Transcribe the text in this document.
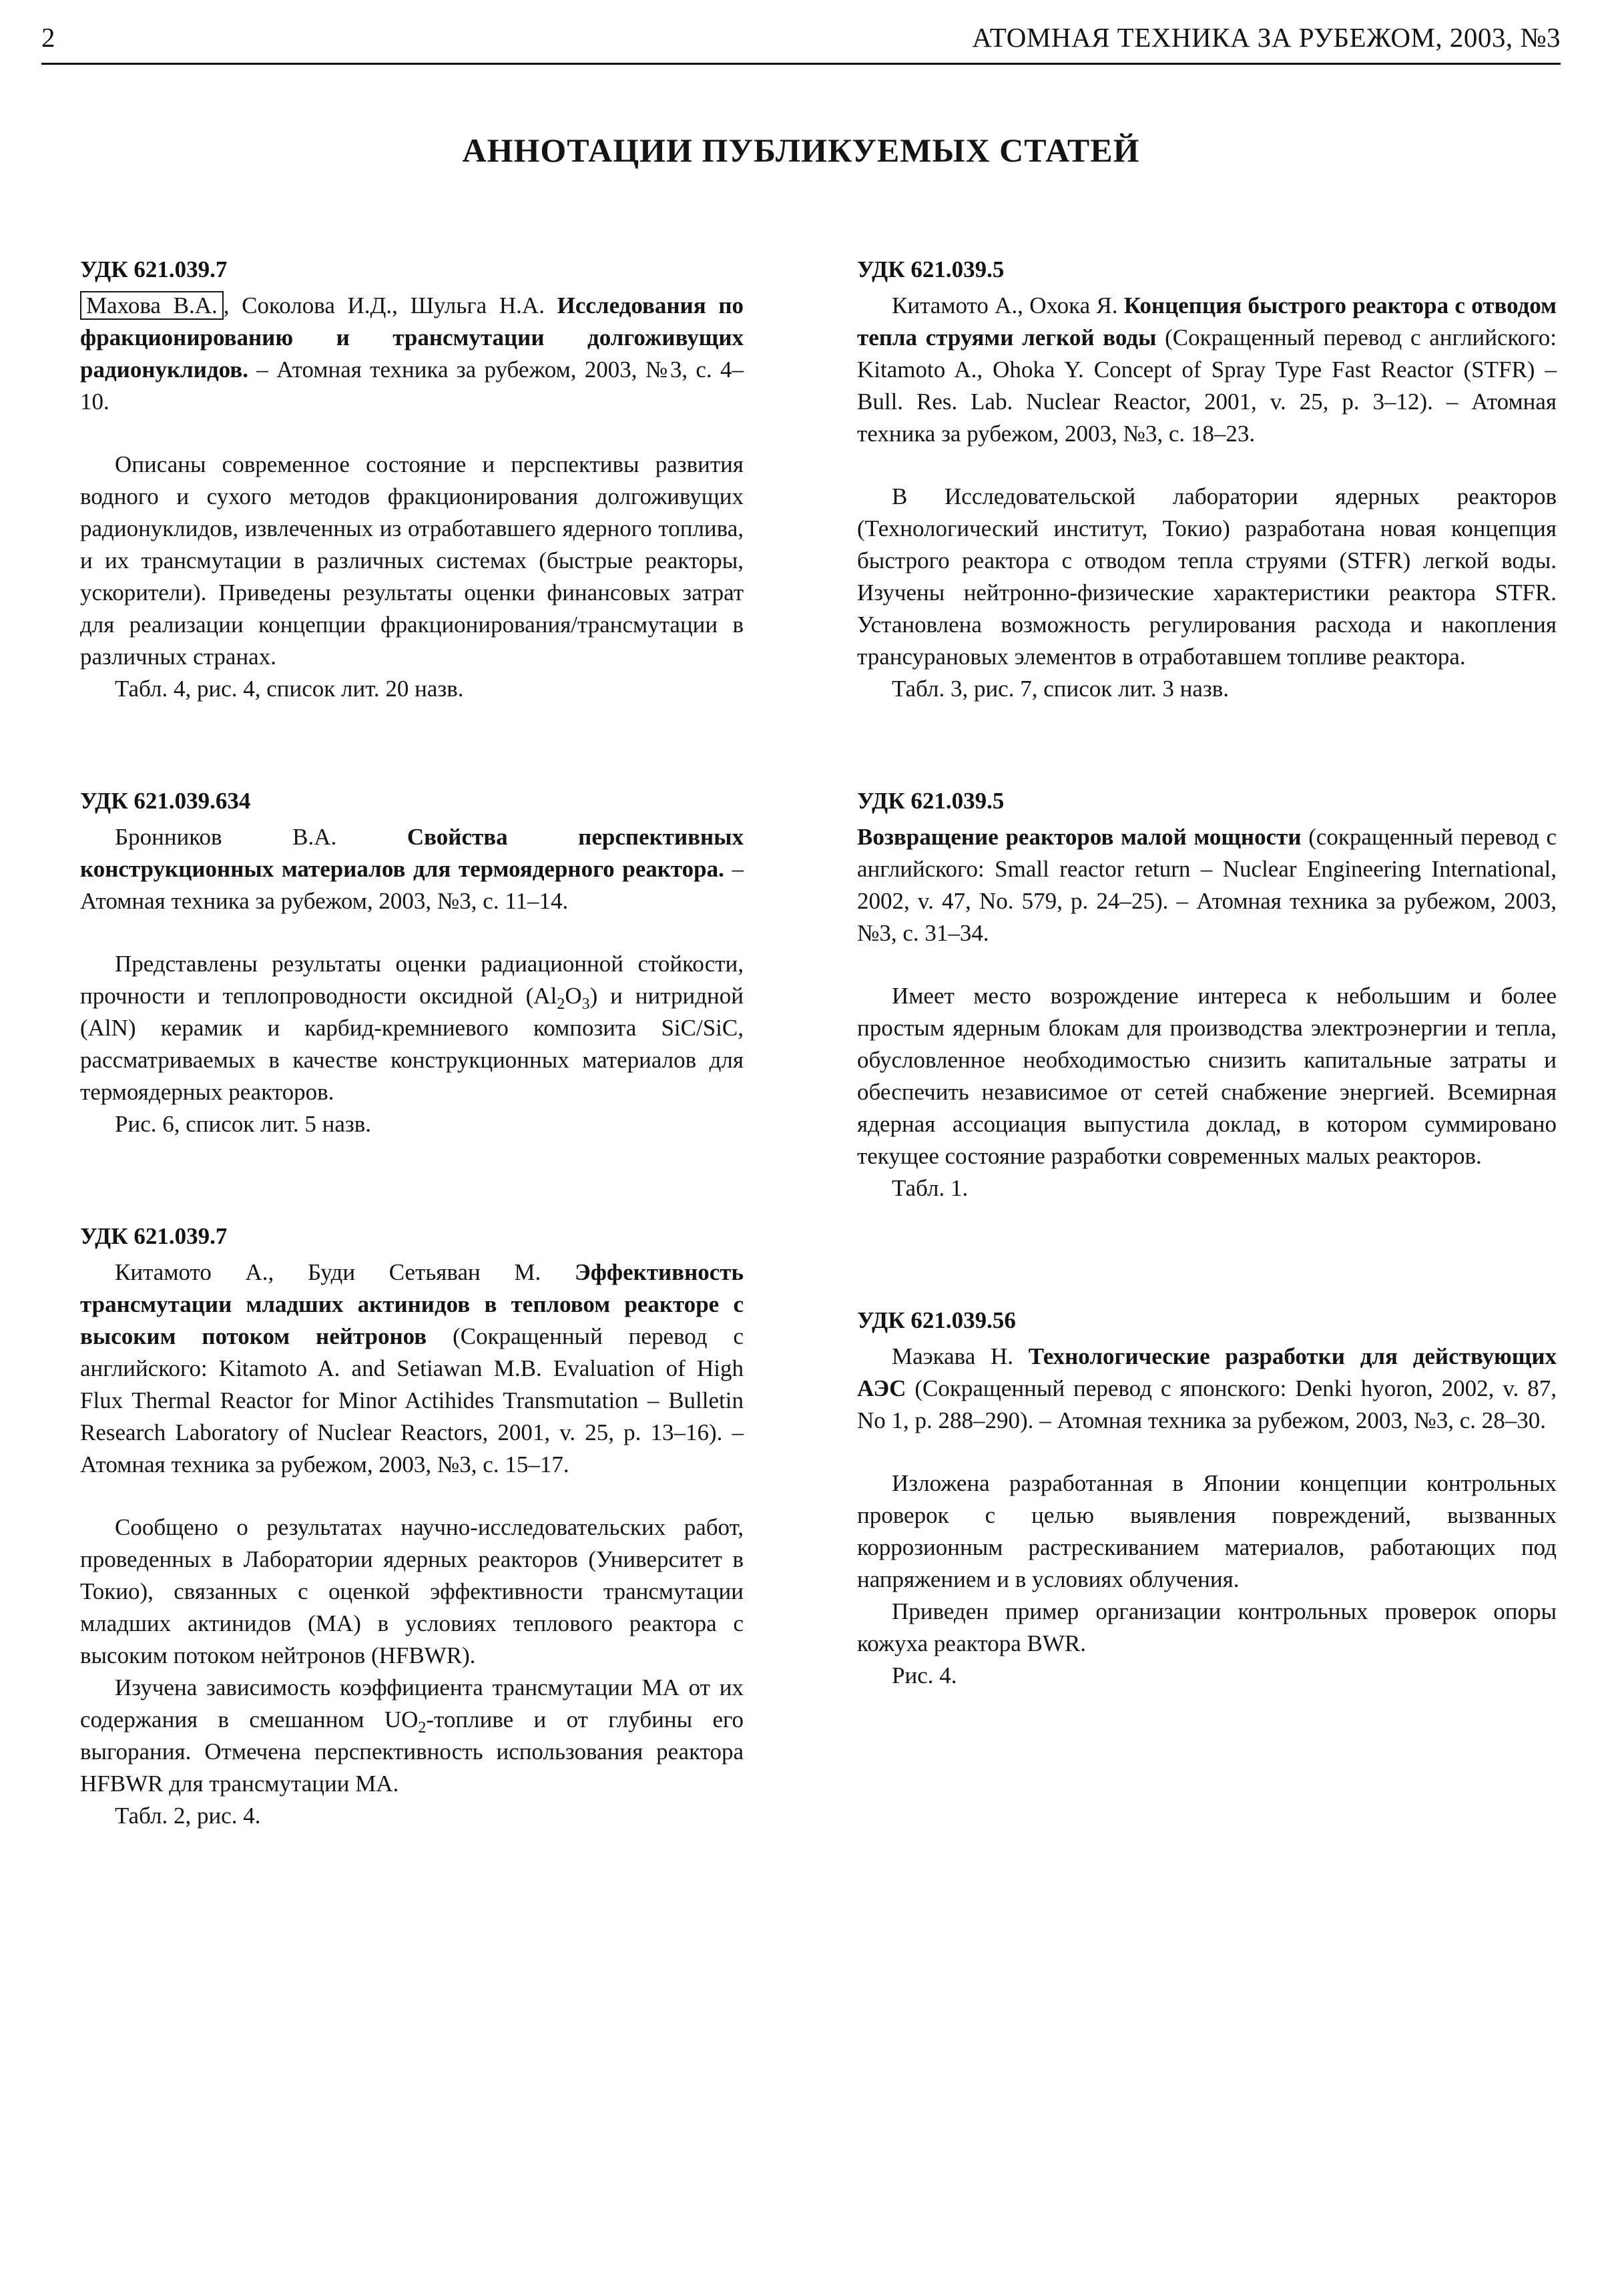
2	АТОМНАЯ ТЕХНИКА ЗА РУБЕЖОМ, 2003, №3
АННОТАЦИИ ПУБЛИКУЕМЫХ СТАТЕЙ
УДК 621.039.7

Махова В.А. , Соколова И.Д., Шульга Н.А. Исследования по фракционированию и трансмутации долгоживущих радионуклидов. – Атомная техника за рубежом, 2003, №3, с. 4–10.

Описаны современное состояние и перспективы развития водного и сухого методов фракционирования долгоживущих радионуклидов, извлеченных из отработавшего ядерного топлива, и их трансмутации в различных системах (быстрые реакторы, ускорители). Приведены результаты оценки финансовых затрат для реализации концепции фракционирования/трансмутации в различных странах.

Табл. 4, рис. 4, список лит. 20 назв.

УДК 621.039.634

Бронников В.А.	Свойства перспективных конструкционных материалов для термоядерного реактора. – Атомная техника за рубежом, 2003, №3, с. 11–14.

Представлены результаты оценки радиационной стойкости, прочности и теплопроводности оксидной $(Al_2O_3)$ и нитридной (AlN) керамик и карбид-кремниевого композита SiC/SiC, рассматриваемых в качестве конструкционных материалов для термоядерных реакторов.

Рис. 6, список лит. 5 назв.

УДК 621.039.7

Китамото А., Буди Сетьяван М. Эффективность трансмутации младших актинидов в тепловом реакторе с высоким потоком нейтронов (Сокращенный перевод с английского: Kitamoto A. and Setiawan M.B. Evaluation of High Flux Thermal Reactor for Minor Actihides Transmutation – Bulletin Research Laboratory of Nuclear Reactors, 2001, v. 25, p. 13–16). – Атомная техника за рубежом, 2003, №3, с. 15–17.

Сообщено о результатах научно-исследовательских работ, проведенных в Лаборатории ядерных реакторов (Университет в Токио), связанных с оценкой эффективности трансмутации младших актинидов (МА) в условиях теплового реактора с высоким потоком нейтронов (HFBWR).

Изучена зависимость коэффициента трансмутации МА от их содержания в смешанном $UO_2$-топливе и от глубины его выгорания. Отмечена перспективность использования реактора HFBWR для трансмутации МА.

Табл. 2, рис. 4.

УДК 621.039.5

Китамото А., Охока Я. Концепция быстрого реактора с отводом тепла струями легкой воды (Сокращенный перевод с английского: Kitamoto A., Ohoka Y. Concept of Spray Type Fast Reactor (STFR) – Bull. Res. Lab. Nuclear Reactor, 2001, v. 25, p. 3–12). – Атомная техника за рубежом, 2003, №3, с. 18–23.

В Исследовательской лаборатории ядерных реакторов (Технологический институт, Токио) разработана новая концепция быстрого реактора с отводом тепла струями (STFR) легкой воды. Изучены нейтронно-физические характеристики реактора STFR. Установлена возможность регулирования расхода и накопления трансурановых элементов в отработавшем топливе реактора.

Табл. 3, рис. 7, список лит. 3 назв.

УДК 621.039.5

Возвращение реакторов малой мощности (сокращенный перевод с английского: Small reactor return – Nuclear Engineering International, 2002, v. 47, No. 579, p. 24–25). – Атомная техника за рубежом, 2003, №3, с. 31–34.

Имеет место возрождение интереса к небольшим и более простым ядерным блокам для производства электроэнергии и тепла, обусловленное необходимостью снизить капитальные затраты и обеспечить независимое от сетей снабжение энергией. Всемирная ядерная ассоциация выпустила доклад, в котором суммировано текущее состояние разработки современных малых реакторов.

Табл. 1.

УДК 621.039.56

Маэкава Н. Технологические разработки для действующих АЭС (Сокращенный перевод с японского: Denki hyoron, 2002, v. 87, No 1, p. 288–290). – Атомная техника за рубежом, 2003, №3, с. 28–30.

Изложена разработанная в Японии концепции контрольных проверок с целью выявления повреждений, вызванных коррозионным растрескиванием материалов, работающих под напряжением и в условиях облучения.

Приведен пример организации контрольных проверок опоры кожуха реактора BWR.

Рис. 4.
